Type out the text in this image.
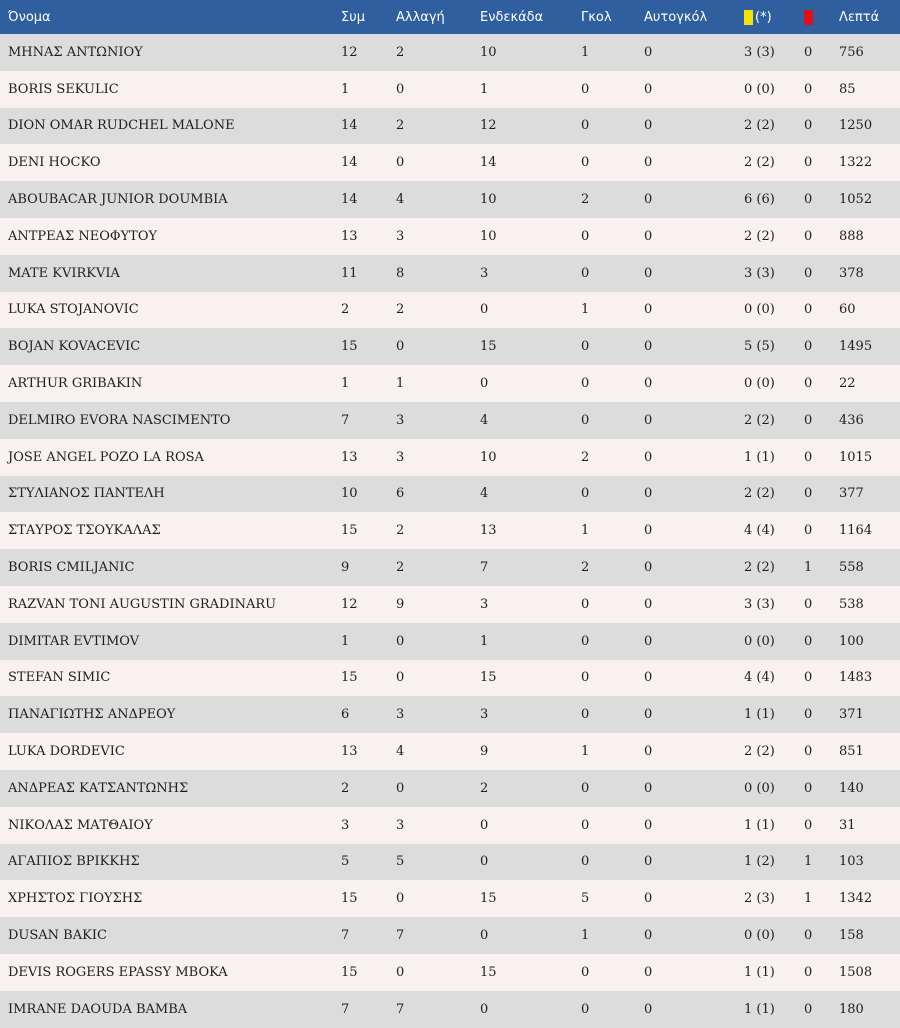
Όνομα	Συμ	Αλλαγή	Ενδεκάδα	Γκολ	Αυτογκόλ	(*)		Λεπτά
ΜΗΝΑΣ ΑΝΤΩΝΙΟΥ	12	2	10	1	0	3 (3)	0	756
BORIS SEKULIC	1	0	1	0	0	0 (0)	0	85
DION OMAR RUDCHEL MALONE	14	2	12	0	0	2 (2)	0	1250
DENI HOCKO	14	0	14	0	0	2 (2)	0	1322
ABOUBACAR JUNIOR DOUMBIA	14	4	10	2	0	6 (6)	0	1052
ΑΝΤΡΕΑΣ ΝΕΟΦΥΤΟΥ	13	3	10	0	0	2 (2)	0	888
MATE KVIRKVIA	11	8	3	0	0	3 (3)	0	378
LUKA STOJANOVIC	2	2	0	1	0	0 (0)	0	60
BOJAN KOVACEVIC	15	0	15	0	0	5 (5)	0	1495
ARTHUR GRIBAKIN	1	1	0	0	0	0 (0)	0	22
DELMIRO EVORA NASCIMENTO	7	3	4	0	0	2 (2)	0	436
JOSE ANGEL POZO LA ROSA	13	3	10	2	0	1 (1)	0	1015
ΣΤΥΛΙΑΝΟΣ ΠΑΝΤΕΛΗ	10	6	4	0	0	2 (2)	0	377
ΣΤΑΥΡΟΣ ΤΣΟΥΚΑΛΑΣ	15	2	13	1	0	4 (4)	0	1164
BORIS CMILJANIC	9	2	7	2	0	2 (2)	1	558
RAZVAN TONI AUGUSTIN GRADINARU	12	9	3	0	0	3 (3)	0	538
DIMITAR EVTIMOV	1	0	1	0	0	0 (0)	0	100
STEFAN SIMIC	15	0	15	0	0	4 (4)	0	1483
ΠΑΝΑΓΙΩΤΗΣ ΑΝΔΡΕΟΥ	6	3	3	0	0	1 (1)	0	371
LUKA DORDEVIC	13	4	9	1	0	2 (2)	0	851
ΑΝΔΡΕΑΣ ΚΑΤΣΑΝΤΩΝΗΣ	2	0	2	0	0	0 (0)	0	140
ΝΙΚΟΛΑΣ ΜΑΤΘΑΙΟΥ	3	3	0	0	0	1 (1)	0	31
ΑΓΑΠΙΟΣ ΒΡΙΚΚΗΣ	5	5	0	0	0	1 (2)	1	103
ΧΡΗΣΤΟΣ ΓΙΟΥΣΗΣ	15	0	15	5	0	2 (3)	1	1342
DUSAN BAKIC	7	7	0	1	0	0 (0)	0	158
DEVIS ROGERS EPASSY MBOKA	15	0	15	0	0	1 (1)	0	1508
IMRANE DAOUDA BAMBA	7	7	0	0	0	1 (1)	0	180
